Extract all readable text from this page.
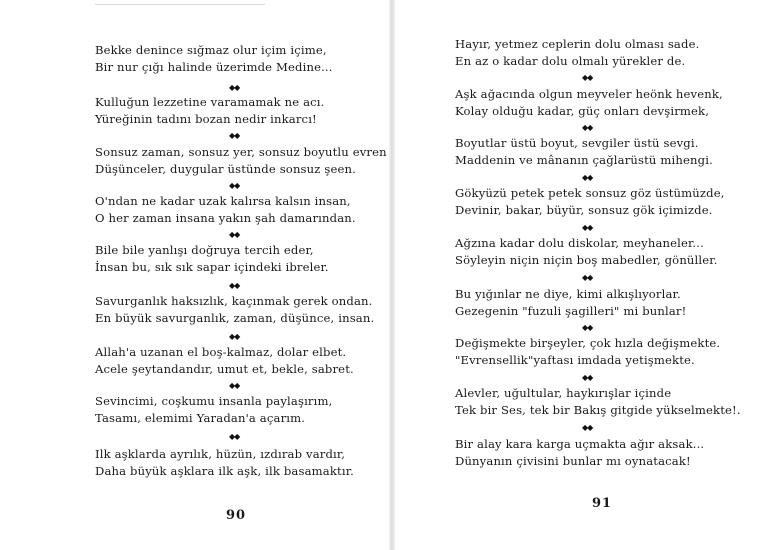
Bekke denince sığmaz olur içim içime,
Bir nur çığı halinde üzerimde Medine...
◆◆
Kulluğun lezzetine varamamak ne acı.
Yüreğinin tadını bozan nedir inkarcı!
◆◆
Sonsuz zaman, sonsuz yer, sonsuz boyutlu evren
Düşünceler, duygular üstünde sonsuz şeen.
◆◆
O'ndan ne kadar uzak kalırsa kalsın insan,
O her zaman insana yakın şah damarından.
◆◆
Bile bile yanlışı doğruya tercih eder,
İnsan bu, sık sık sapar içindeki ibreler.
◆◆
Savurganlık haksızlık, kaçınmak gerek ondan.
En büyük savurganlık, zaman, düşünce, insan.
◆◆
Allah'a uzanan el boş-kalmaz, dolar elbet.
Acele şeytandandır, umut et, bekle, sabret.
◆◆
Sevincimi, coşkumu insanla paylaşırım,
Tasamı, elemimi Yaradan'a açarım.
◆◆
Ilk aşklarda ayrılık, hüzün, ızdırab vardır,
Daha büyük aşklara ilk aşk, ilk basamaktır.
90
Hayır, yetmez ceplerin dolu olması sade.
En az o kadar dolu olmalı yürekler de.
◆◆
Aşk ağacında olgun meyveler heönk hevenk,
Kolay olduğu kadar, güç onları devşirmek,
◆◆
Boyutlar üstü boyut, sevgiler üstü sevgi.
Maddenin ve mânanın çağlarüstü mihengi.
◆◆
Gökyüzü petek petek sonsuz göz üstümüzde,
Devinir, bakar, büyür, sonsuz gök içimizde.
◆◆
Ağzına kadar dolu diskolar, meyhaneler...
Söyleyin niçin niçin boş mabedler, gönüller.
◆◆
Bu yığınlar ne diye, kimi alkışlıyorlar.
Gezegenin "fuzuli şagilleri" mi bunlar!
◆◆
Değişmekte birşeyler, çok hızla değişmekte.
"Evrensellik"yaftası imdada yetişmekte.
◆◆
Alevler, uğultular, haykırışlar içinde
Tek bir Ses, tek bir Bakış gitgide yükselmekte!.
◆◆
Bir alay kara karga uçmakta ağır aksak...
Dünyanın çivisini bunlar mı oynatacak!
91
